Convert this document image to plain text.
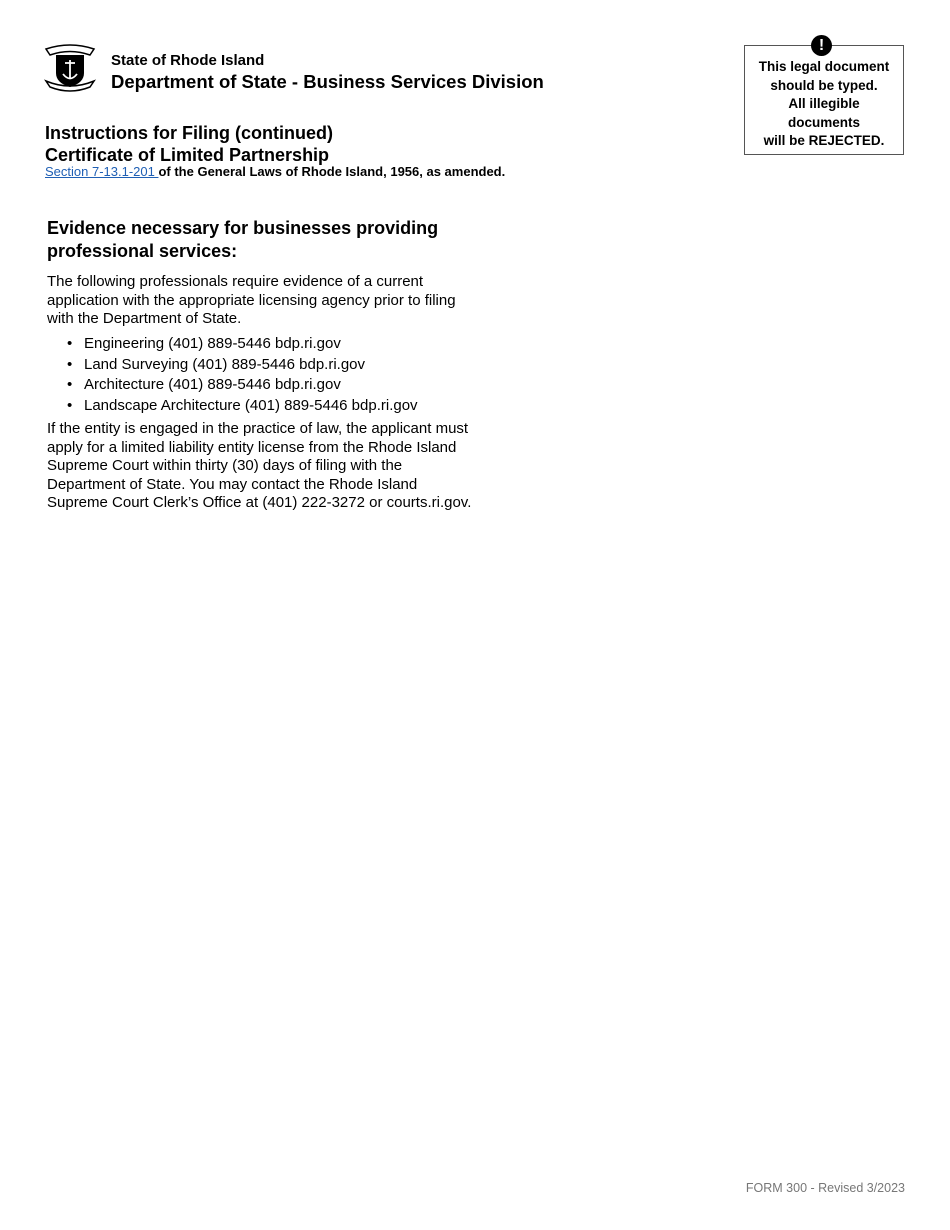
State of Rhode Island
Department of State - Business Services Division
Instructions for Filing (continued)
Certificate of Limited Partnership
Section 7-13.1-201 of the General Laws of Rhode Island, 1956, as amended.
This legal document
should be typed.
All illegible
documents
will be REJECTED.
!
Evidence necessary for businesses providing professional services:
The following professionals require evidence of a current application with the appropriate licensing agency prior to filing with the Department of State.
• Engineering (401) 889-5446 bdp.ri.gov
• Land Surveying (401) 889-5446 bdp.ri.gov
• Architecture (401) 889-5446 bdp.ri.gov
• Landscape Architecture (401) 889-5446 bdp.ri.gov
If the entity is engaged in the practice of law, the applicant must apply for a limited liability entity license from the Rhode Island Supreme Court within thirty (30) days of filing with the Department of State. You may contact the Rhode Island Supreme Court Clerk’s Office at (401) 222-3272 or courts.ri.gov.
FORM 300 - Revised 3/2023
